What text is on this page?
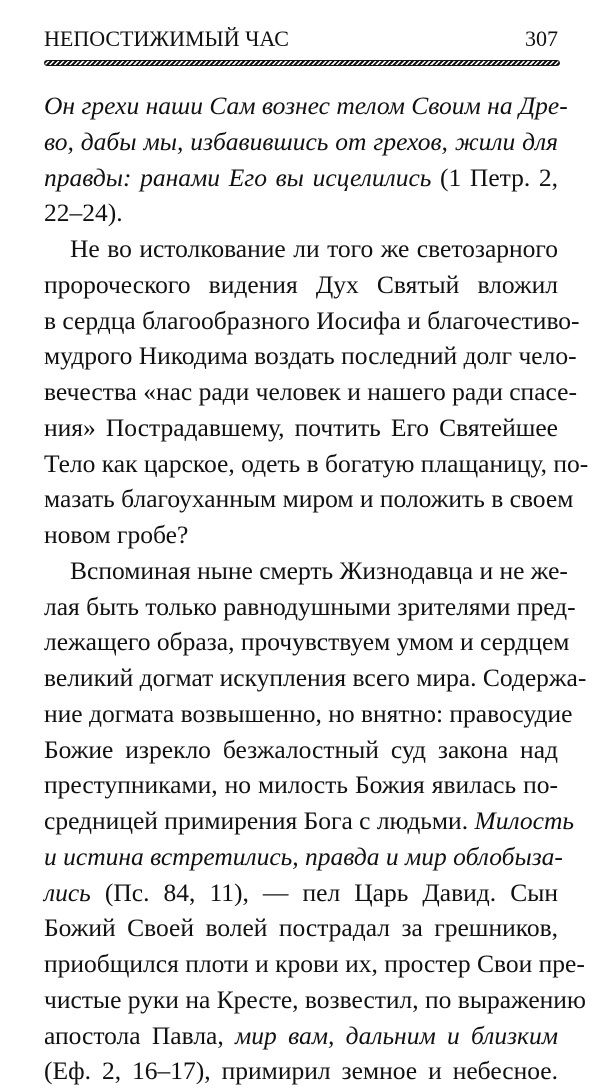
НЕПОСТИЖИМЫЙ ЧАС	307
Он грехи наши Сам вознес телом Своим на Дре-
во, дабы мы, избавившись от грехов, жили для
правды: ранами Его вы исцелились (1 Петр. 2,
22–24).
Не во истолкование ли того же светозарного
пророческого видения Дух Святый вложил
в сердца благообразного Иосифа и благочестиво-
мудрого Никодима воздать последний долг чело-
вечества «нас ради человек и нашего ради спасе-
ния» Пострадавшему, почтить Его Святейшее
Тело как царское, одеть в богатую плащаницу, по-
мазать благоуханным миром и положить в своем
новом гробе?
Вспоминая ныне смерть Жизнодавца и не же-
лая быть только равнодушными зрителями пред-
лежащего образа, прочувствуем умом и сердцем
великий догмат искупления всего мира. Содержа-
ние догмата возвышенно, но внятно: правосудие
Божие изрекло безжалостный суд закона над
преступниками, но милость Божия явилась по-
средницей примирения Бога с людьми. Милость
и истина встретились, правда и мир облобыза-
лись (Пс. 84, 11), — пел Царь Давид. Сын
Божий Своей волей пострадал за грешников,
приобщился плоти и крови их, простер Свои пре-
чистые руки на Кресте, возвестил, по выражению
апостола Павла, мир вам, дальним и близким
(Еф. 2, 16–17), примирил земное и небесное.
